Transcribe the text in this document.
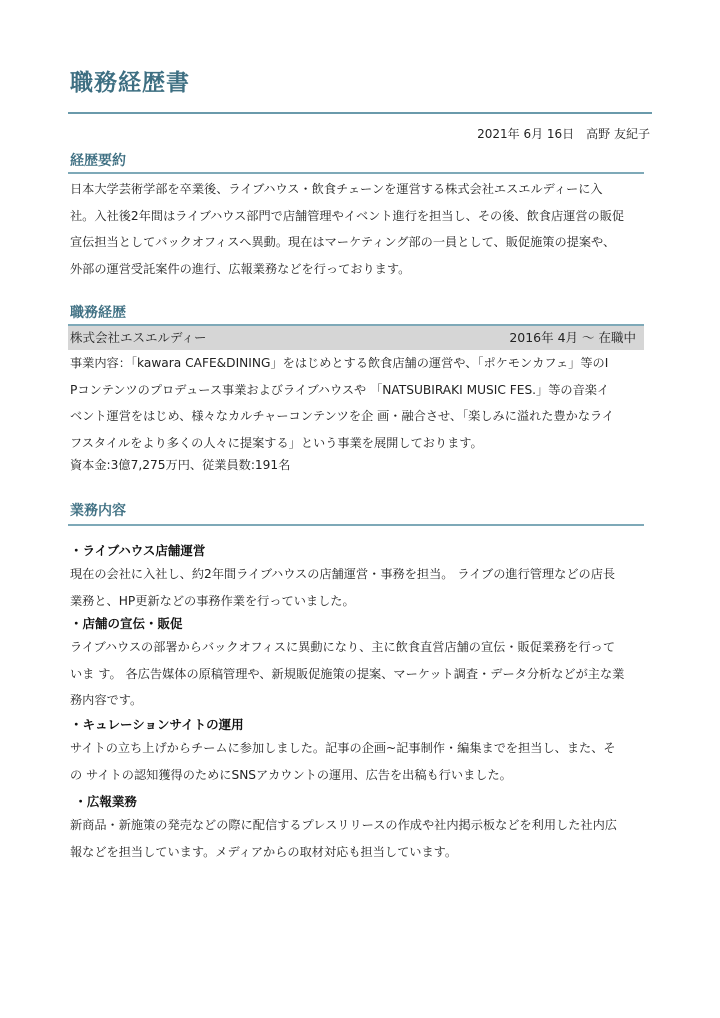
職務経歴書
2021年 6月 16日 高野 友紀子
経歴要約
日本大学芸術学部を卒業後、ライブハウス・飲食チェーンを運営する株式会社エスエルディーに入
社。入社後2年間はライブハウス部門で店舗管理やイベント進行を担当し、その後、飲食店運営の販促
宣伝担当としてバックオフィスへ異動。現在はマーケティング部の一員として、販促施策の提案や、
外部の運営受託案件の進行、広報業務などを行っております。
職務経歴
株式会社エスエルディー	2016年 4月 〜 在職中
事業内容：「kawara CAFE&DINING」をはじめとする飲食店舗の運営や、「ポケモンカフェ」等のI
Pコンテンツのプロデュース事業およびライブハウスや 「NATSUBIRAKI MUSIC FES.」等の音楽イ
ベント運営をはじめ、様々なカルチャーコンテンツを企 画・融合させ、「楽しみに溢れた豊かなライ
フスタイルをより多くの人々に提案する」という事業を展開しております。
資本金:3億7,275万円、従業員数:191名
業務内容
・ライブハウス店舗運営
現在の会社に入社し、約2年間ライブハウスの店舗運営・事務を担当。 ライブの進行管理などの店長
業務と、HP更新などの事務作業を行っていました。
・店舗の宣伝・販促
ライブハウスの部署からバックオフィスに異動になり、主に飲食直営店舗の宣伝・販促業務を行って
いま す。 各広告媒体の原稿管理や、新規販促施策の提案、マーケット調査・データ分析などが主な業
務内容です。
・キュレーションサイトの運用
サイトの立ち上げからチームに参加しました。記事の企画~記事制作・編集までを担当し、また、そ
の サイトの認知獲得のためにSNSアカウントの運用、広告を出稿も行いました。
・広報業務
新商品・新施策の発売などの際に配信するプレスリリースの作成や社内掲示板などを利用した社内広
報などを担当しています。メディアからの取材対応も担当しています。
